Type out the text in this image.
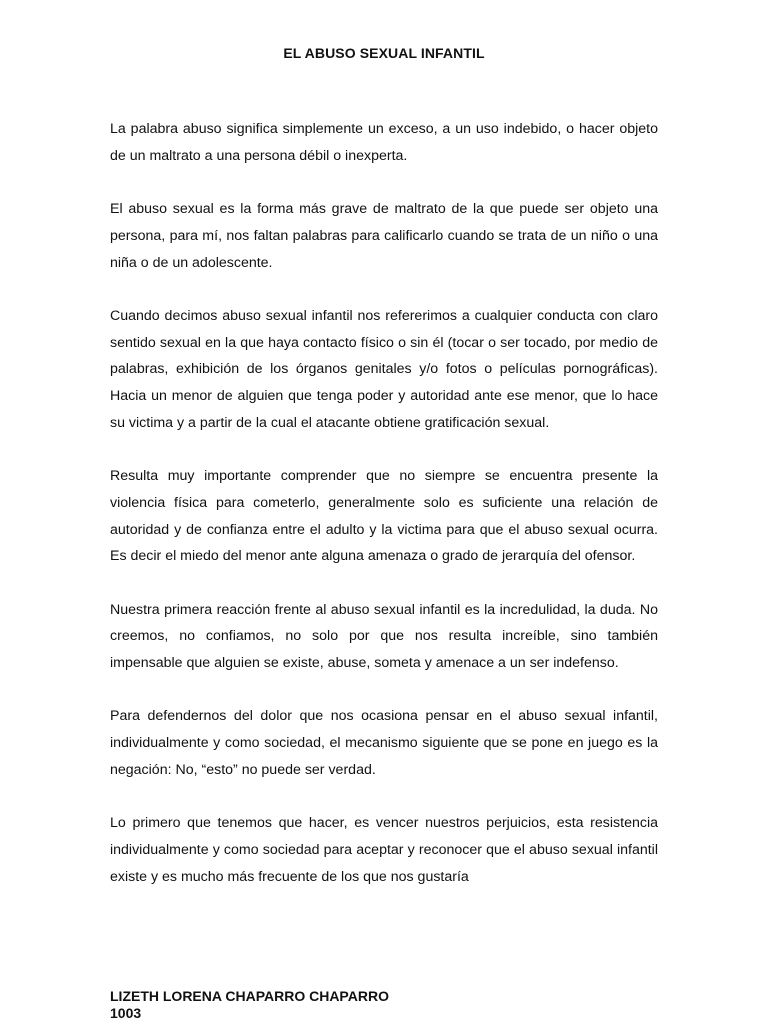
EL ABUSO SEXUAL INFANTIL

La palabra abuso significa simplemente un exceso, a un uso indebido, o hacer objeto de un maltrato a una persona débil o inexperta.

El abuso sexual es la forma más grave de maltrato de la que puede ser objeto una persona, para mí, nos faltan palabras para calificarlo cuando se trata de un niño o una niña o de un adolescente.

Cuando decimos abuso sexual infantil nos refererimos a cualquier conducta con claro sentido sexual en la que haya contacto físico o sin él (tocar o ser tocado, por medio de palabras, exhibición de los órganos genitales y/o fotos o películas pornográficas). Hacia un menor de alguien que tenga poder y autoridad ante ese menor, que lo hace su victima y a partir de la cual el atacante obtiene gratificación sexual.

Resulta muy importante comprender que no siempre se encuentra presente la violencia física para cometerlo, generalmente solo es suficiente una relación de autoridad y de confianza entre el adulto y la victima para que el abuso sexual ocurra. Es decir el miedo del menor ante alguna amenaza o grado de jerarquía del ofensor.

Nuestra primera reacción frente al abuso sexual infantil es la incredulidad, la duda. No creemos, no confiamos, no solo por que nos resulta increíble, sino también impensable que alguien se existe, abuse, someta y amenace a un ser indefenso.

Para defendernos del dolor que nos ocasiona pensar en el abuso sexual infantil, individualmente y como sociedad, el mecanismo siguiente que se pone en juego es la negación: No, “esto” no puede ser verdad.

Lo primero que tenemos que hacer, es vencer nuestros perjuicios, esta resistencia individualmente y como sociedad para aceptar y reconocer que el abuso sexual infantil existe y es mucho más frecuente de los que nos gustaría

LIZETH LORENA CHAPARRO CHAPARRO
1003
